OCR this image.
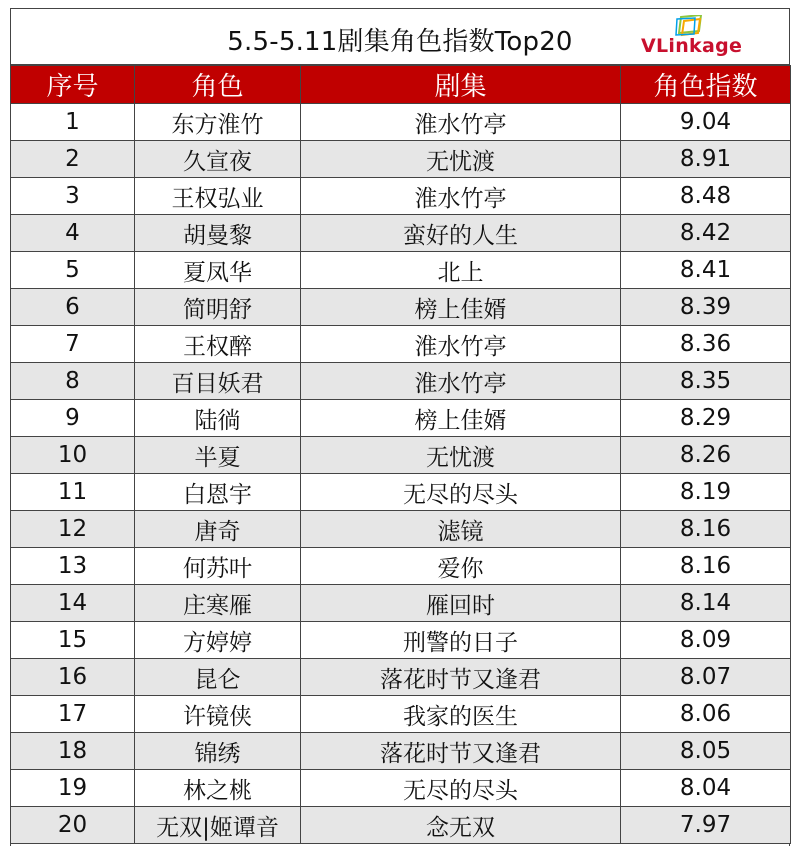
5.5-5.11剧集角色指数Top20	VLinkage
序号	角色	剧集	角色指数
1	东方淮竹	淮水竹亭	9.04
2	久宣夜	无忧渡	8.91
3	王权弘业	淮水竹亭	8.48
4	胡曼黎	蛮好的人生	8.42
5	夏凤华	北上	8.41
6	简明舒	榜上佳婿	8.39
7	王权醉	淮水竹亭	8.36
8	百目妖君	淮水竹亭	8.35
9	陆徜	榜上佳婿	8.29
10	半夏	无忧渡	8.26
11	白恩宇	无尽的尽头	8.19
12	唐奇	滤镜	8.16
13	何苏叶	爱你	8.16
14	庄寒雁	雁回时	8.14
15	方婷婷	刑警的日子	8.09
16	昆仑	落花时节又逢君	8.07
17	许镜侠	我家的医生	8.06
18	锦绣	落花时节又逢君	8.05
19	林之桃	无尽的尽头	8.04
20	无双|姬谭音	念无双	7.97
